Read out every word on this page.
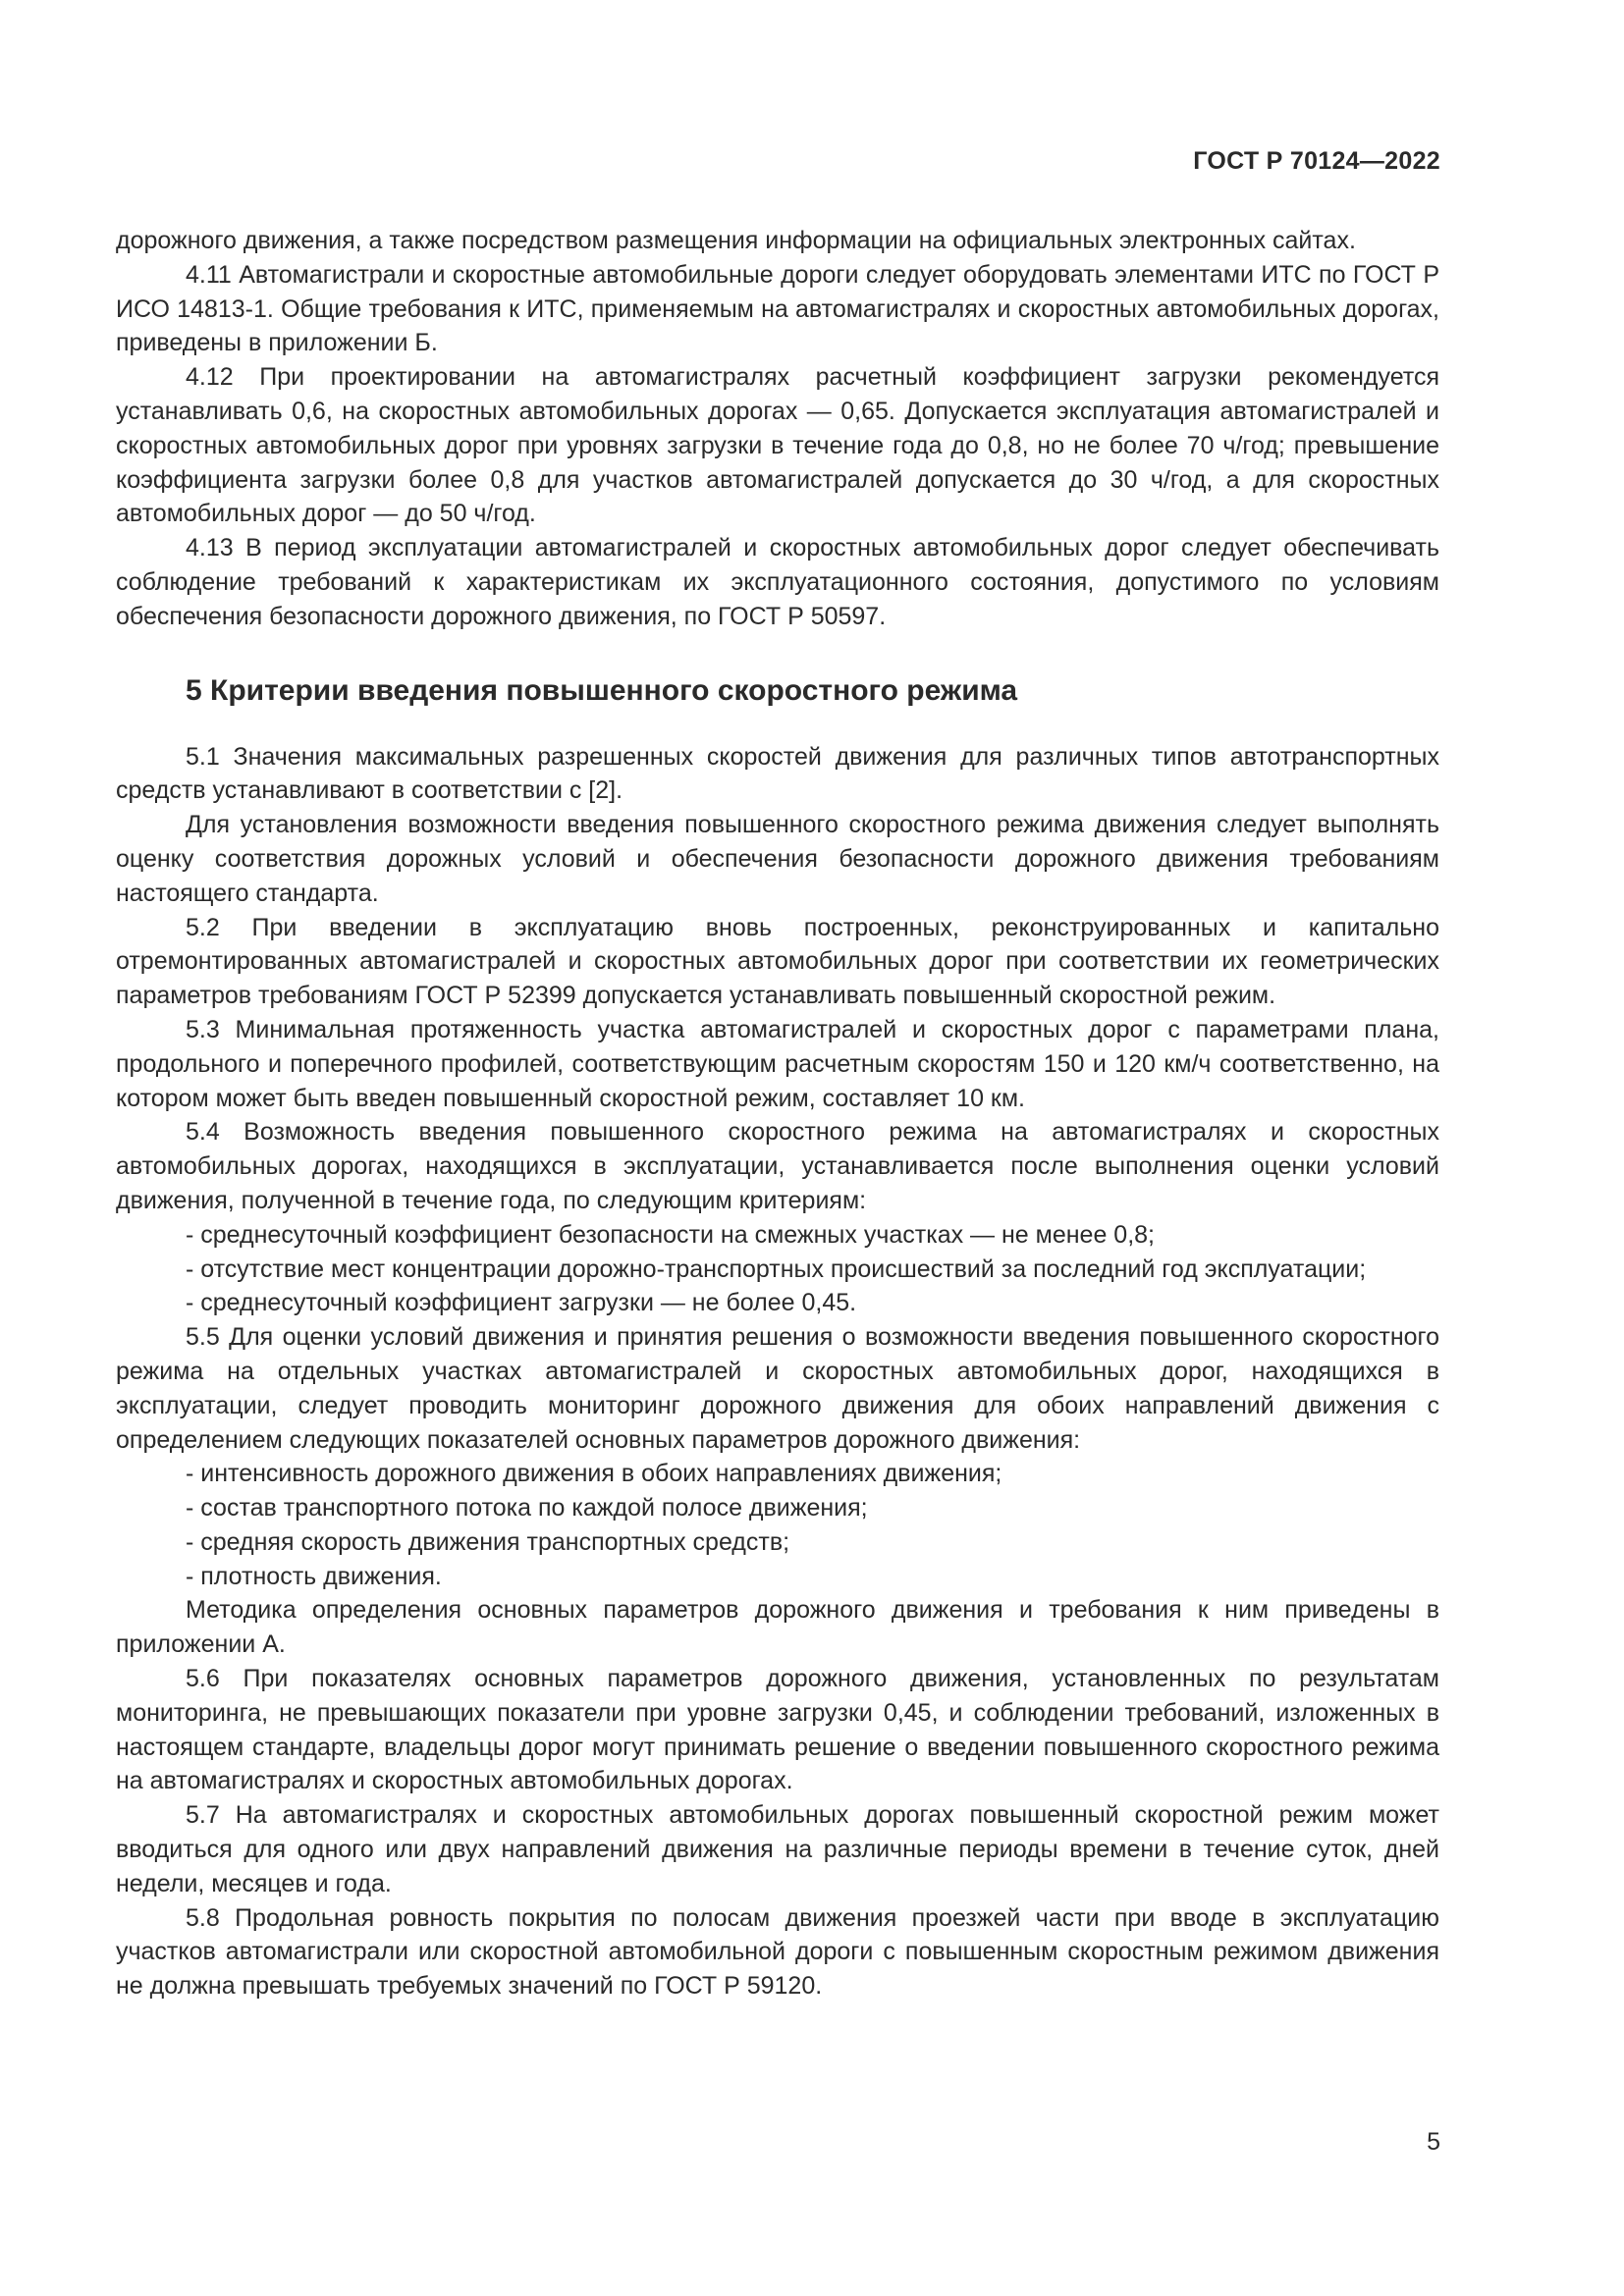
ГОСТ Р 70124—2022

дорожного движения, а также посредством размещения информации на официальных электронных сайтах.

4.11 Автомагистрали и скоростные автомобильные дороги следует оборудовать элементами ИТС по ГОСТ Р ИСО 14813-1. Общие требования к ИТС, применяемым на автомагистралях и скоростных автомобильных дорогах, приведены в приложении Б.

4.12 При проектировании на автомагистралях расчетный коэффициент загрузки рекомендуется устанавливать 0,6, на скоростных автомобильных дорогах — 0,65. Допускается эксплуатация автомагистралей и скоростных автомобильных дорог при уровнях загрузки в течение года до 0,8, но не более 70 ч/год; превышение коэффициента загрузки более 0,8 для участков автомагистралей допускается до 30 ч/год, а для скоростных автомобильных дорог — до 50 ч/год.

4.13 В период эксплуатации автомагистралей и скоростных автомобильных дорог следует обеспечивать соблюдение требований к характеристикам их эксплуатационного состояния, допустимого по условиям обеспечения безопасности дорожного движения, по ГОСТ Р 50597.

5 Критерии введения повышенного скоростного режима

5.1 Значения максимальных разрешенных скоростей движения для различных типов автотранспортных средств устанавливают в соответствии с [2].

Для установления возможности введения повышенного скоростного режима движения следует выполнять оценку соответствия дорожных условий и обеспечения безопасности дорожного движения требованиям настоящего стандарта.

5.2 При введении в эксплуатацию вновь построенных, реконструированных и капитально отремонтированных автомагистралей и скоростных автомобильных дорог при соответствии их геометрических параметров требованиям ГОСТ Р 52399 допускается устанавливать повышенный скоростной режим.

5.3 Минимальная протяженность участка автомагистралей и скоростных дорог с параметрами плана, продольного и поперечного профилей, соответствующим расчетным скоростям 150 и 120 км/ч соответственно, на котором может быть введен повышенный скоростной режим, составляет 10 км.

5.4 Возможность введения повышенного скоростного режима на автомагистралях и скоростных автомобильных дорогах, находящихся в эксплуатации, устанавливается после выполнения оценки условий движения, полученной в течение года, по следующим критериям:

- среднесуточный коэффициент безопасности на смежных участках — не менее 0,8;

- отсутствие мест концентрации дорожно-транспортных происшествий за последний год эксплуатации;

- среднесуточный коэффициент загрузки — не более 0,45.

5.5 Для оценки условий движения и принятия решения о возможности введения повышенного скоростного режима на отдельных участках автомагистралей и скоростных автомобильных дорог, находящихся в эксплуатации, следует проводить мониторинг дорожного движения для обоих направлений движения с определением следующих показателей основных параметров дорожного движения:

- интенсивность дорожного движения в обоих направлениях движения;

- состав транспортного потока по каждой полосе движения;

- средняя скорость движения транспортных средств;

- плотность движения.

Методика определения основных параметров дорожного движения и требования к ним приведены в приложении А.

5.6 При показателях основных параметров дорожного движения, установленных по результатам мониторинга, не превышающих показатели при уровне загрузки 0,45, и соблюдении требований, изложенных в настоящем стандарте, владельцы дорог могут принимать решение о введении повышенного скоростного режима на автомагистралях и скоростных автомобильных дорогах.

5.7 На автомагистралях и скоростных автомобильных дорогах повышенный скоростной режим может вводиться для одного или двух направлений движения на различные периоды времени в течение суток, дней недели, месяцев и года.

5.8 Продольная ровность покрытия по полосам движения проезжей части при вводе в эксплуатацию участков автомагистрали или скоростной автомобильной дороги с повышенным скоростным режимом движения не должна превышать требуемых значений по ГОСТ Р 59120.

5
